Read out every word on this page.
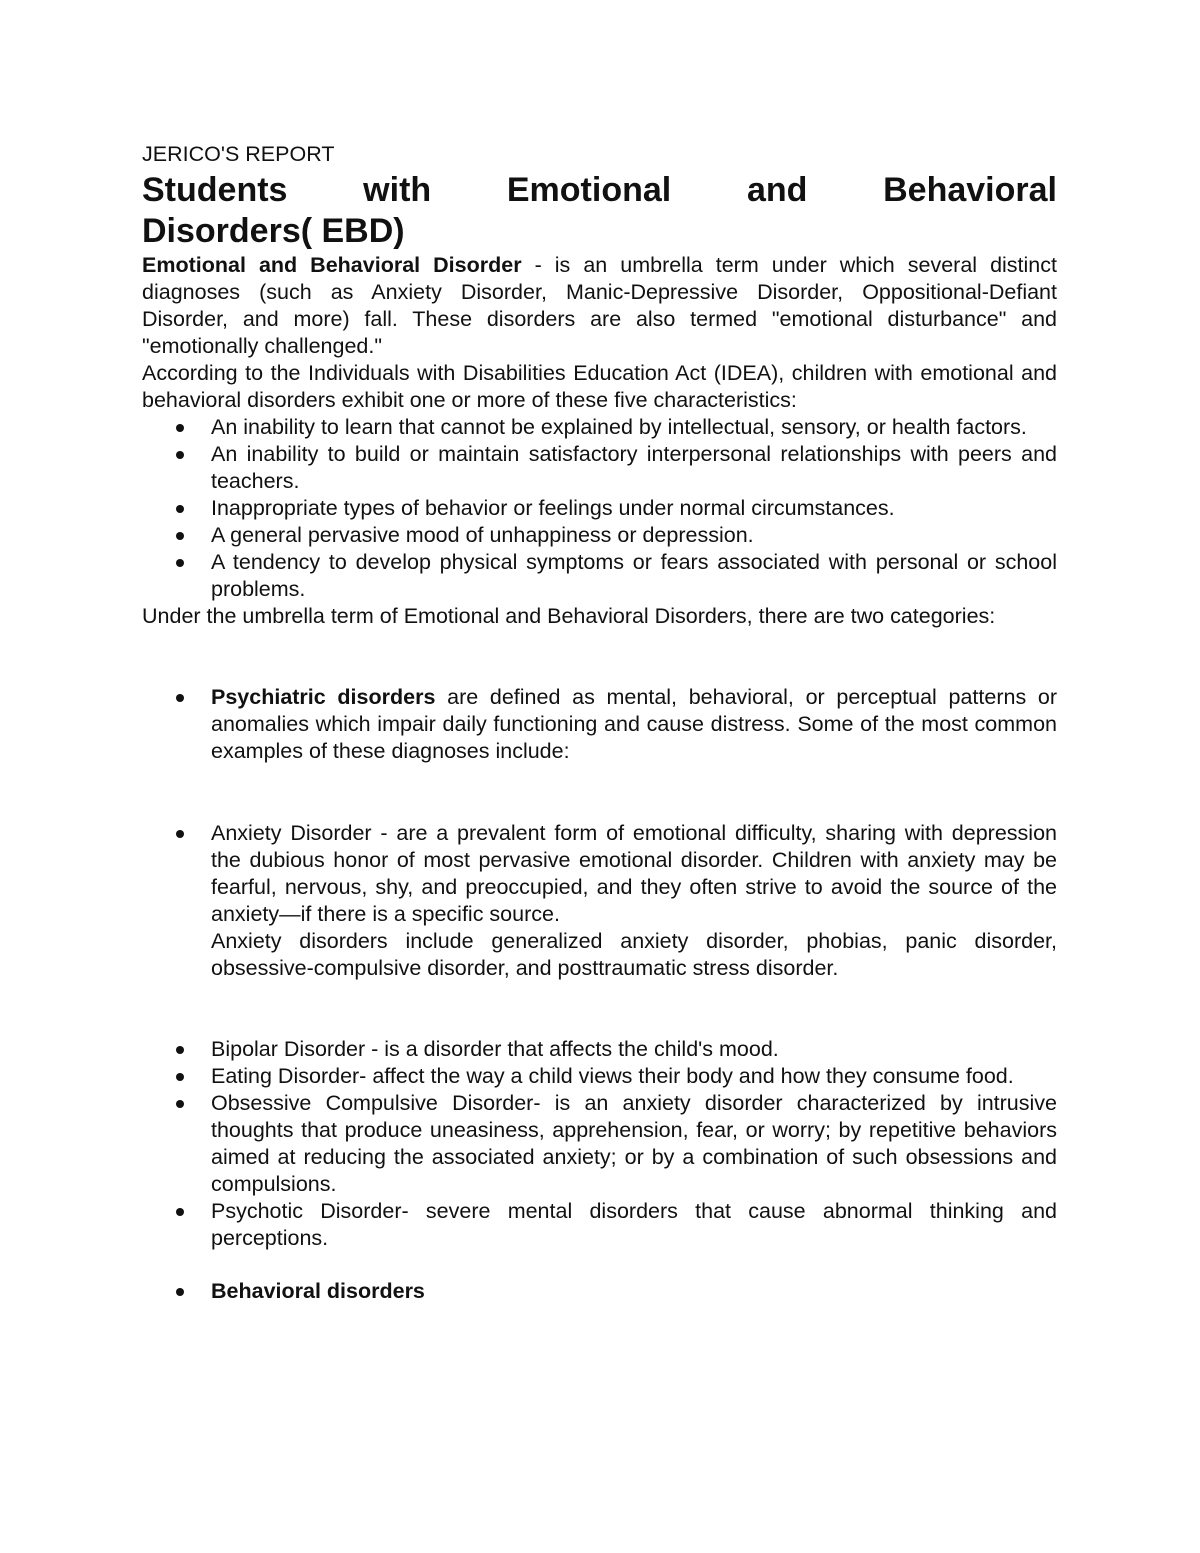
JERICO'S REPORT

Students with Emotional and Behavioral
Disorders( EBD)

Emotional and Behavioral Disorder - is an umbrella term under which several distinct diagnoses (such as Anxiety Disorder, Manic-Depressive Disorder, Oppositional-Defiant Disorder, and more) fall. These disorders are also termed "emotional disturbance" and "emotionally challenged."

According to the Individuals with Disabilities Education Act (IDEA), children with emotional and behavioral disorders exhibit one or more of these five characteristics:

An inability to learn that cannot be explained by intellectual, sensory, or health factors.
An inability to build or maintain satisfactory interpersonal relationships with peers and teachers.
Inappropriate types of behavior or feelings under normal circumstances.
A general pervasive mood of unhappiness or depression.
A tendency to develop physical symptoms or fears associated with personal or school problems.

Under the umbrella term of Emotional and Behavioral Disorders, there are two categories:

Psychiatric disorders are defined as mental, behavioral, or perceptual patterns or anomalies which impair daily functioning and cause distress. Some of the most common examples of these diagnoses include:
Anxiety Disorder - are a prevalent form of emotional difficulty, sharing with depression the dubious honor of most pervasive emotional disorder. Children with anxiety may be fearful, nervous, shy, and preoccupied, and they often strive to avoid the source of the anxiety—if there is a specific source.
Anxiety disorders include generalized anxiety disorder, phobias, panic disorder, obsessive-compulsive disorder, and posttraumatic stress disorder.
Bipolar Disorder - is a disorder that affects the child's mood.
Eating Disorder- affect the way a child views their body and how they consume food.
Obsessive Compulsive Disorder- is an anxiety disorder characterized by intrusive thoughts that produce uneasiness, apprehension, fear, or worry; by repetitive behaviors aimed at reducing the associated anxiety; or by a combination of such obsessions and compulsions.
Psychotic Disorder- severe mental disorders that cause abnormal thinking and perceptions.
Behavioral disorders
